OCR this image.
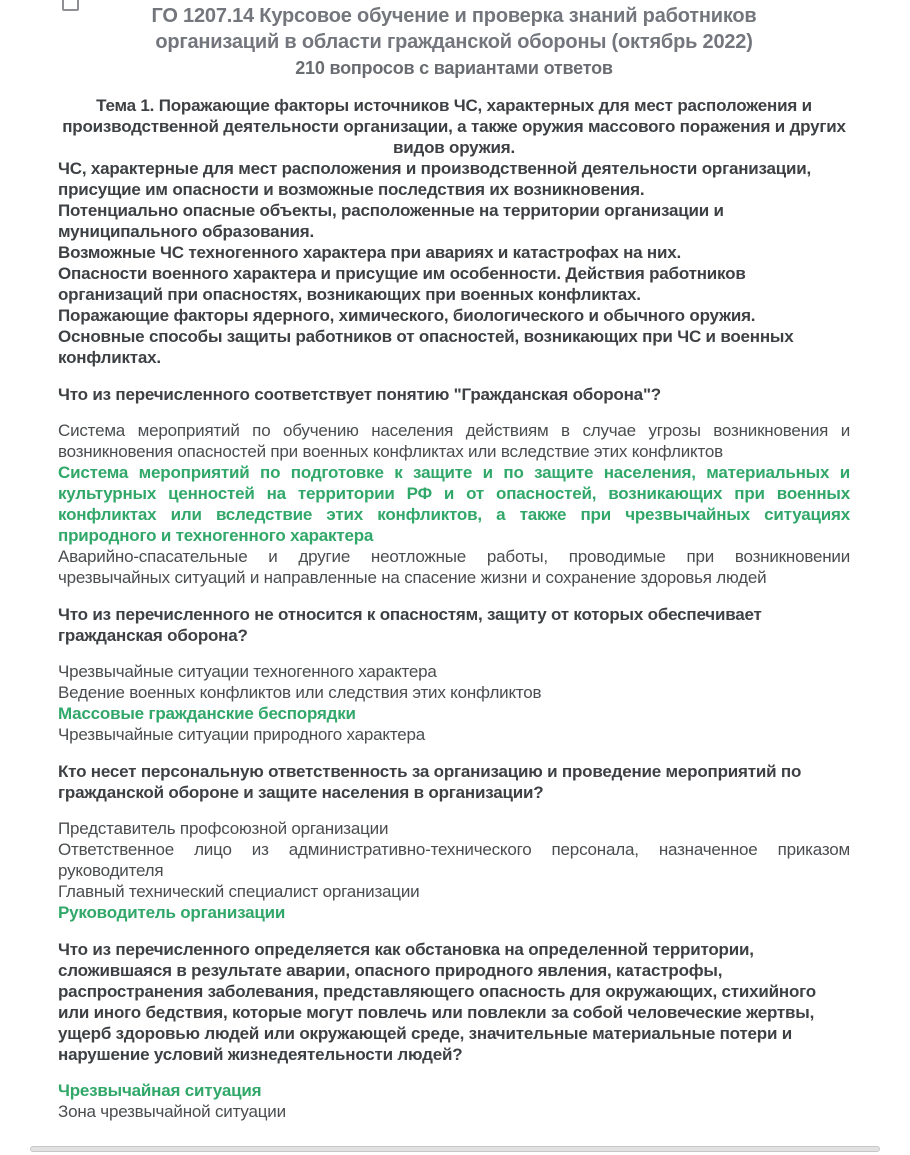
ГО 1207.14 Курсовое обучение и проверка знаний работников организаций в области гражданской обороны (октябрь 2022)
210 вопросов с вариантами ответов

Тема 1. Поражающие факторы источников ЧС, характерных для мест расположения и производственной деятельности организации, а также оружия массового поражения и других видов оружия.

ЧС, характерные для мест расположения и производственной деятельности организации, присущие им опасности и возможные последствия их возникновения.

Потенциально опасные объекты, расположенные на территории организации и муниципального образования.

Возможные ЧС техногенного характера при авариях и катастрофах на них.

Опасности военного характера и присущие им особенности. Действия работников организаций при опасностях, возникающих при военных конфликтах.

Поражающие факторы ядерного, химического, биологического и обычного оружия.

Основные способы защиты работников от опасностей, возникающих при ЧС и военных конфликтах.

Что из перечисленного соответствует понятию "Гражданская оборона"?

Система мероприятий по обучению населения действиям в случае угрозы возникновения и возникновения опасностей при военных конфликтах или вследствие этих конфликтов

Система мероприятий по подготовке к защите и по защите населения, материальных и культурных ценностей на территории РФ и от опасностей, возникающих при военных конфликтах или вследствие этих конфликтов, а также при чрезвычайных ситуациях природного и техногенного характера

Аварийно-спасательные и другие неотложные работы, проводимые при возникновении чрезвычайных ситуаций и направленные на спасение жизни и сохранение здоровья людей

Что из перечисленного не относится к опасностям, защиту от которых обеспечивает гражданская оборона?

Чрезвычайные ситуации техногенного характера

Ведение военных конфликтов или следствия этих конфликтов

Массовые гражданские беспорядки

Чрезвычайные ситуации природного характера

Кто несет персональную ответственность за организацию и проведение мероприятий по гражданской обороне и защите населения в организации?

Представитель профсоюзной организации

Ответственное лицо из административно-технического персонала, назначенное приказом руководителя

Главный технический специалист организации

Руководитель организации

Что из перечисленного определяется как обстановка на определенной территории, сложившаяся в результате аварии, опасного природного явления, катастрофы, распространения заболевания, представляющего опасность для окружающих, стихийного или иного бедствия, которые могут повлечь или повлекли за собой человеческие жертвы, ущерб здоровью людей или окружающей среде, значительные материальные потери и нарушение условий жизнедеятельности людей?

Чрезвычайная ситуация

Зона чрезвычайной ситуации
